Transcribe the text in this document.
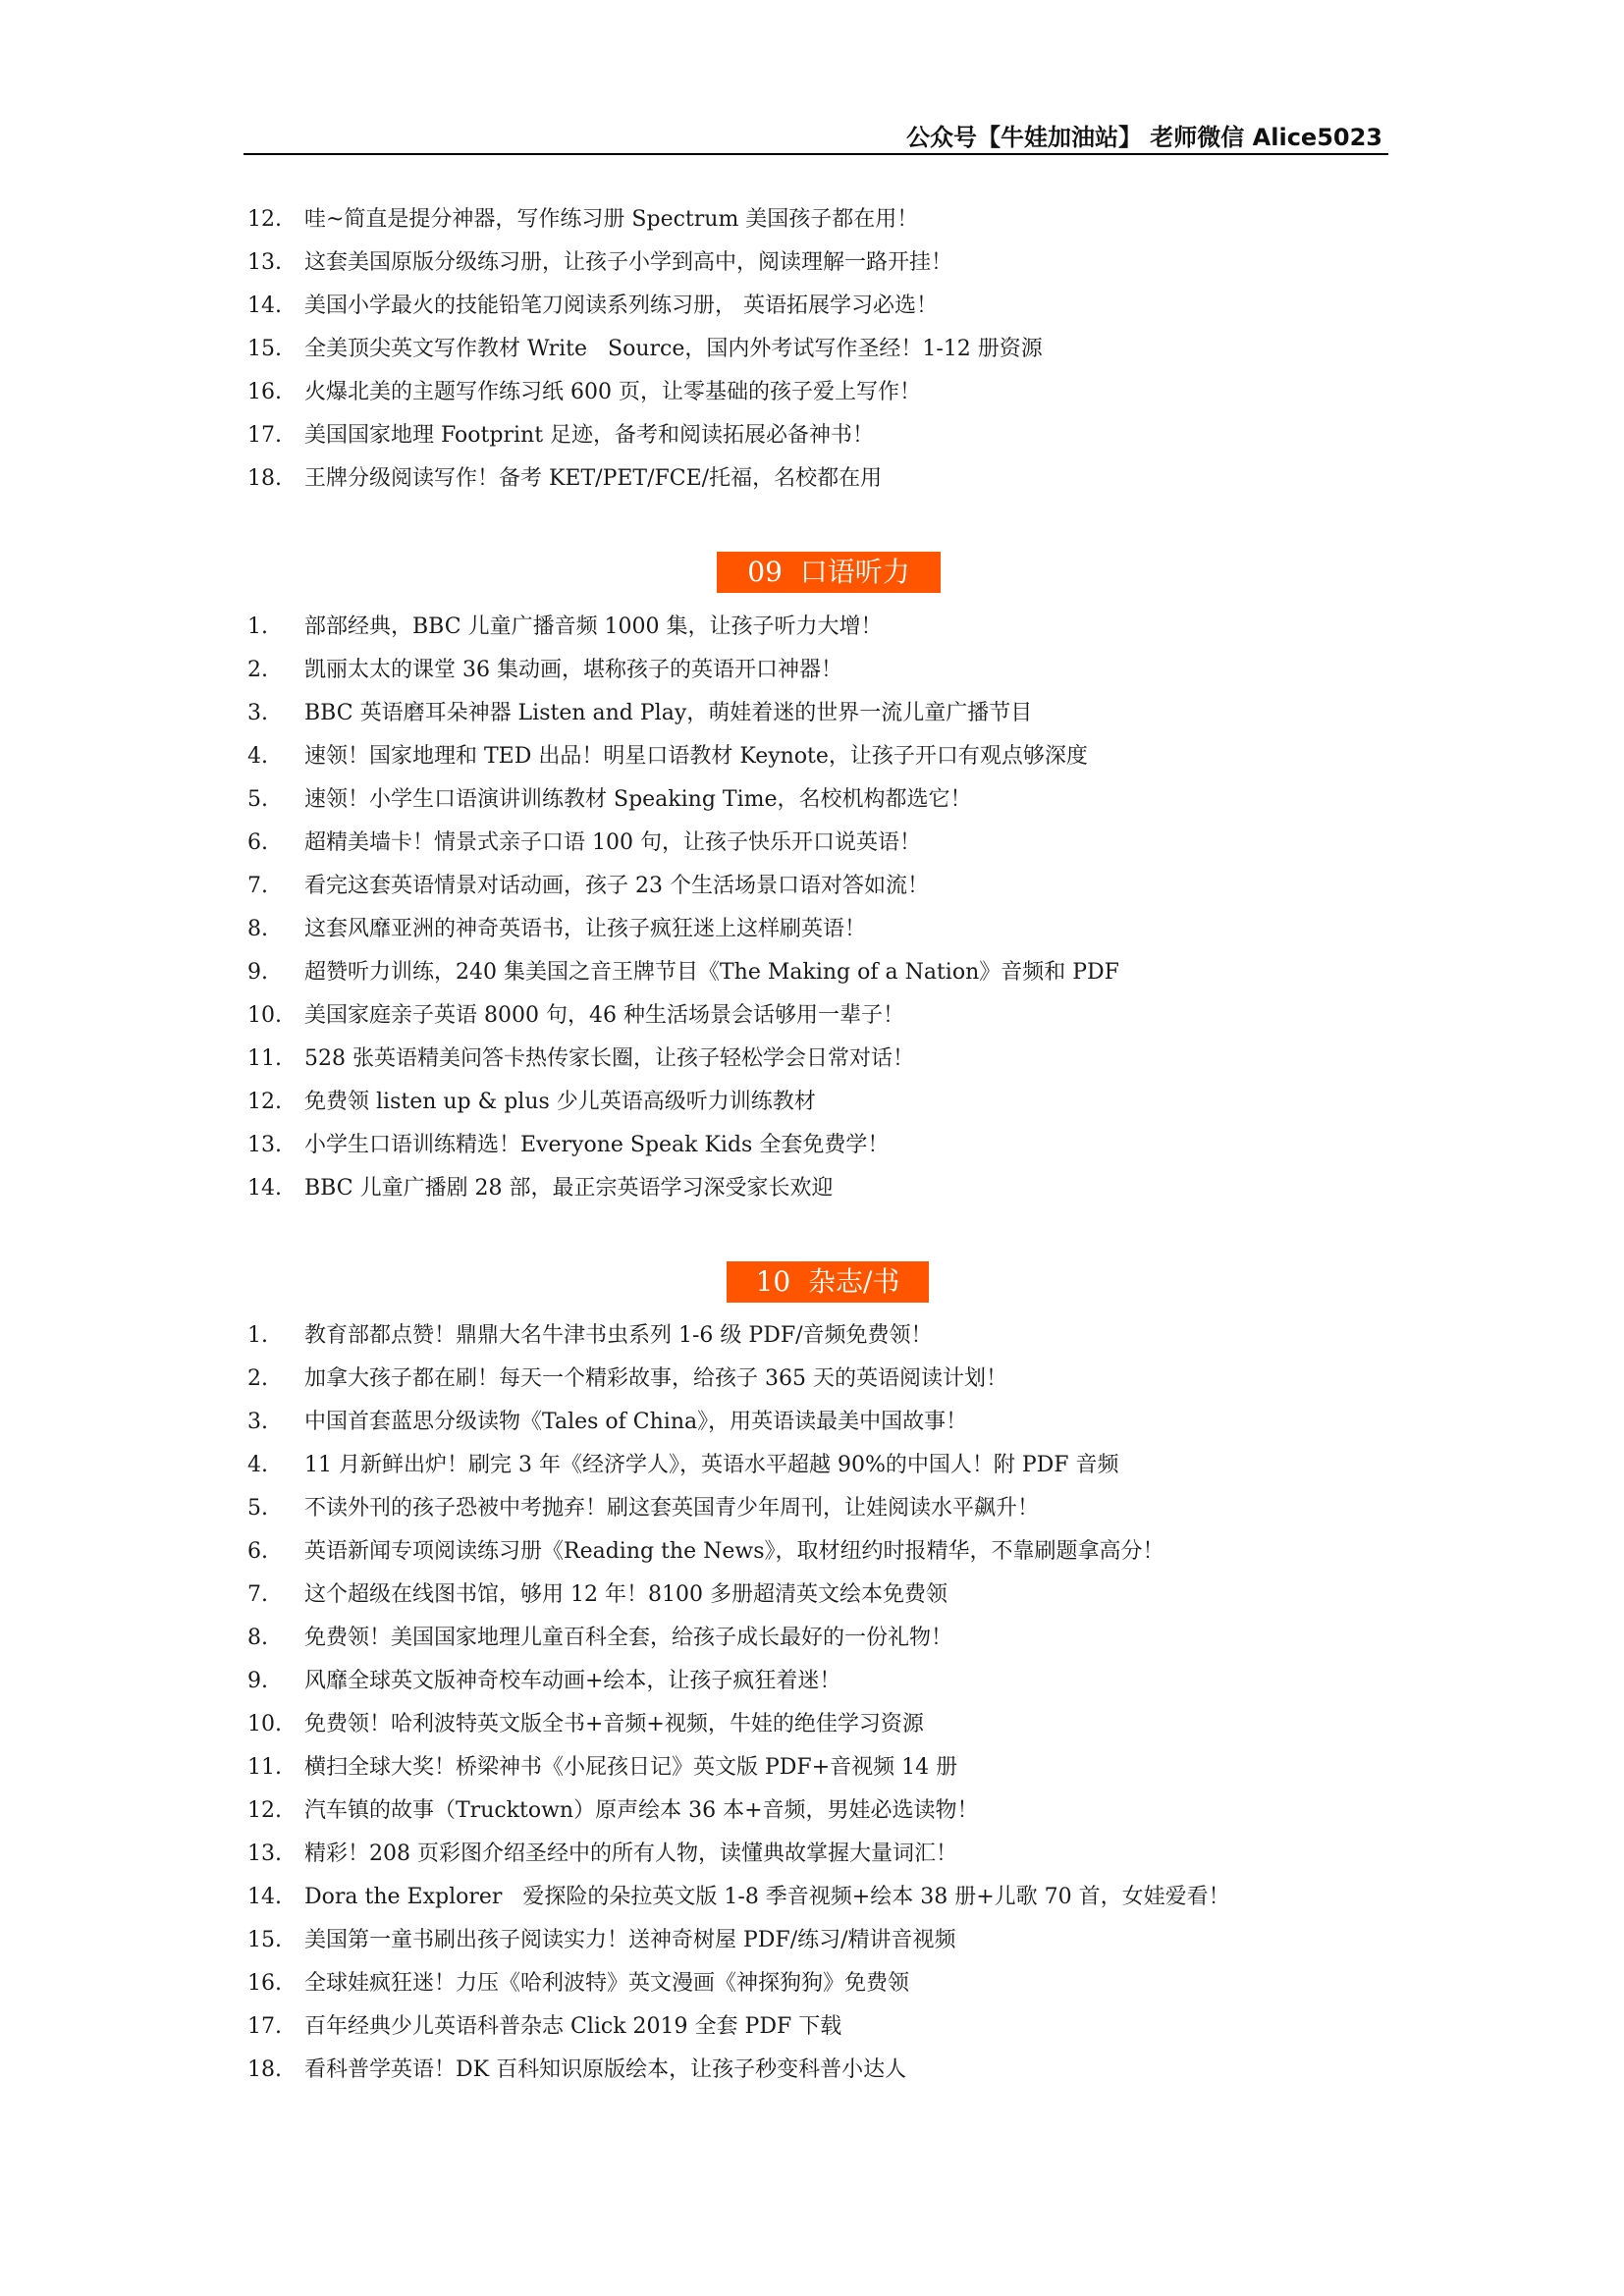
公众号【牛娃加油站】 老师微信 Alice5023
12. 哇~简直是提分神器，写作练习册 Spectrum 美国孩子都在用！
13. 这套美国原版分级练习册，让孩子小学到高中，阅读理解一路开挂！
14. 美国小学最火的技能铅笔刀阅读系列练习册， 英语拓展学习必选！
15. 全美顶尖英文写作教材 Write   Source，国内外考试写作圣经！1-12 册资源
16. 火爆北美的主题写作练习纸 600 页，让零基础的孩子爱上写作！
17. 美国国家地理 Footprint 足迹，备考和阅读拓展必备神书！
18. 王牌分级阅读写作！备考 KET/PET/FCE/托福，名校都在用
09  口语听力
1. 部部经典，BBC 儿童广播音频 1000 集，让孩子听力大增！
2. 凯丽太太的课堂 36 集动画，堪称孩子的英语开口神器！
3. BBC 英语磨耳朵神器 Listen and Play，萌娃着迷的世界一流儿童广播节目
4. 速领！国家地理和 TED 出品！明星口语教材 Keynote，让孩子开口有观点够深度
5. 速领！小学生口语演讲训练教材 Speaking Time，名校机构都选它！
6. 超精美墙卡！情景式亲子口语 100 句，让孩子快乐开口说英语！
7. 看完这套英语情景对话动画，孩子 23 个生活场景口语对答如流！
8. 这套风靡亚洲的神奇英语书，让孩子疯狂迷上这样刷英语！
9. 超赞听力训练，240 集美国之音王牌节目《The Making of a Nation》音频和 PDF
10. 美国家庭亲子英语 8000 句，46 种生活场景会话够用一辈子！
11. 528 张英语精美问答卡热传家长圈，让孩子轻松学会日常对话！
12. 免费领 listen up & plus 少儿英语高级听力训练教材
13. 小学生口语训练精选！Everyone Speak Kids 全套免费学！
14. BBC 儿童广播剧 28 部，最正宗英语学习深受家长欢迎
10  杂志/书
1. 教育部都点赞！鼎鼎大名牛津书虫系列 1-6 级 PDF/音频免费领！
2. 加拿大孩子都在刷！每天一个精彩故事，给孩子 365 天的英语阅读计划！
3. 中国首套蓝思分级读物《Tales of China》，用英语读最美中国故事！
4. 11 月新鲜出炉！刷完 3 年《经济学人》，英语水平超越 90%的中国人！附 PDF 音频
5. 不读外刊的孩子恐被中考抛弃！刷这套英国青少年周刊，让娃阅读水平飙升！
6. 英语新闻专项阅读练习册《Reading the News》，取材纽约时报精华，不靠刷题拿高分！
7. 这个超级在线图书馆，够用 12 年！8100 多册超清英文绘本免费领
8. 免费领！美国国家地理儿童百科全套，给孩子成长最好的一份礼物！
9. 风靡全球英文版神奇校车动画+绘本，让孩子疯狂着迷！
10. 免费领！哈利波特英文版全书+音频+视频，牛娃的绝佳学习资源
11. 横扫全球大奖！桥梁神书《小屁孩日记》英文版 PDF+音视频 14 册
12. 汽车镇的故事（Trucktown）原声绘本 36 本+音频，男娃必选读物！
13. 精彩！208 页彩图介绍圣经中的所有人物，读懂典故掌握大量词汇！
14. Dora the Explorer   爱探险的朵拉英文版 1-8 季音视频+绘本 38 册+儿歌 70 首，女娃爱看！
15. 美国第一童书刷出孩子阅读实力！送神奇树屋 PDF/练习/精讲音视频
16. 全球娃疯狂迷！力压《哈利波特》英文漫画《神探狗狗》免费领
17. 百年经典少儿英语科普杂志 Click 2019 全套 PDF 下载
18. 看科普学英语！DK 百科知识原版绘本，让孩子秒变科普小达人
